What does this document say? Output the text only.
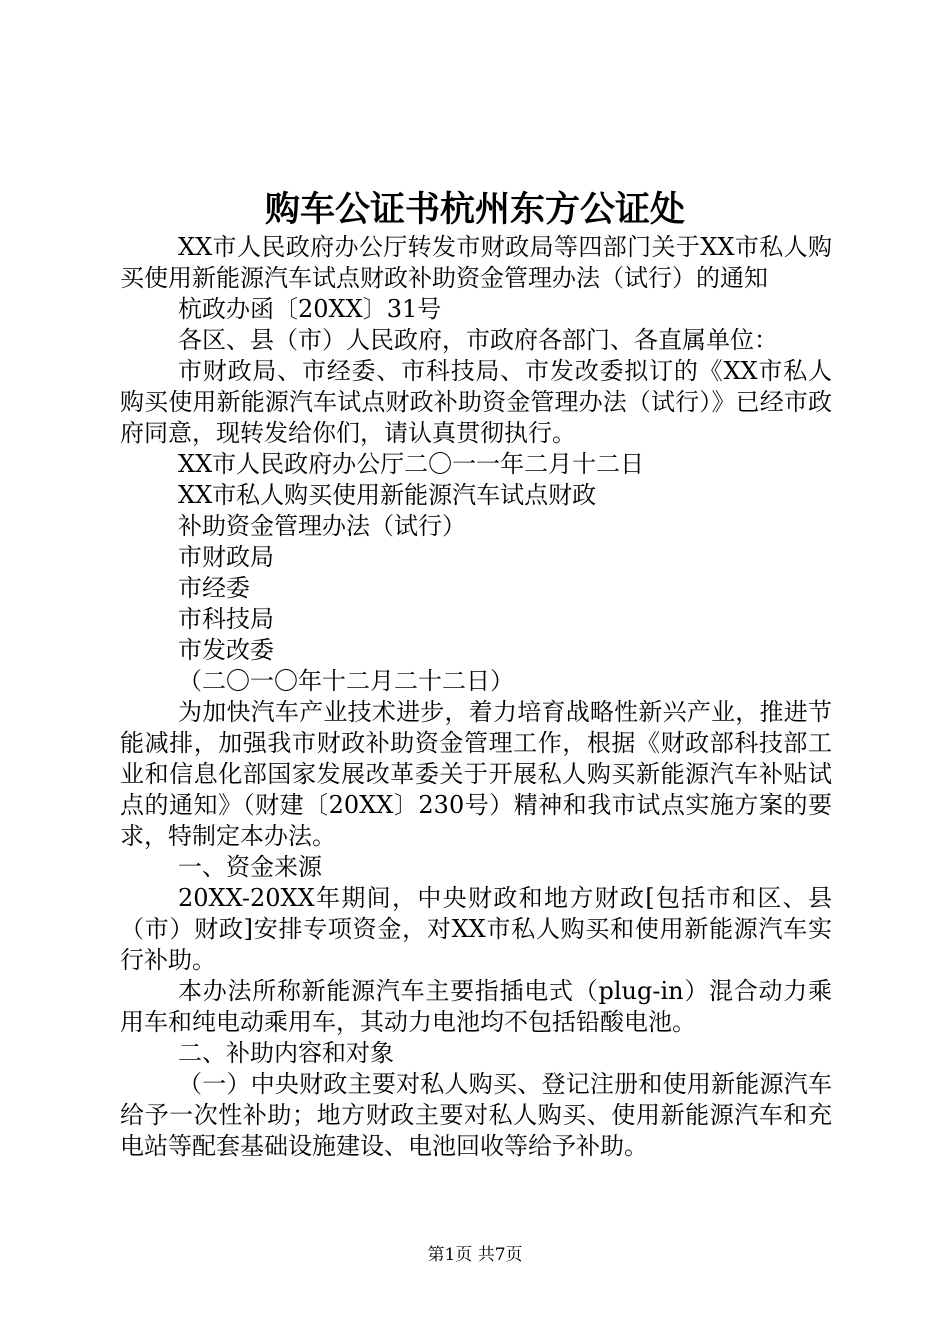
购车公证书杭州东方公证处

XX市人民政府办公厅转发市财政局等四部门关于XX市私人购买使用新能源汽车试点财政补助资金管理办法（试行）的通知

杭政办函〔20XX〕31号

各区、县（市）人民政府，市政府各部门、各直属单位：

市财政局、市经委、市科技局、市发改委拟订的《XX市私人购买使用新能源汽车试点财政补助资金管理办法（试行）》已经市政府同意，现转发给你们，请认真贯彻执行。

XX市人民政府办公厅二〇一一年二月十二日

XX市私人购买使用新能源汽车试点财政

补助资金管理办法（试行）

市财政局

市经委

市科技局

市发改委

（二〇一〇年十二月二十二日）

为加快汽车产业技术进步，着力培育战略性新兴产业，推进节能减排，加强我市财政补助资金管理工作，根据《财政部科技部工业和信息化部国家发展改革委关于开展私人购买新能源汽车补贴试点的通知》（财建〔20XX〕230号）精神和我市试点实施方案的要求，特制定本办法。

一、资金来源

20XX-20XX年期间，中央财政和地方财政[包括市和区、县（市）财政]安排专项资金，对XX市私人购买和使用新能源汽车实行补助。

本办法所称新能源汽车主要指插电式（plug-in）混合动力乘用车和纯电动乘用车，其动力电池均不包括铅酸电池。

二、补助内容和对象

（一）中央财政主要对私人购买、登记注册和使用新能源汽车给予一次性补助；地方财政主要对私人购买、使用新能源汽车和充电站等配套基础设施建设、电池回收等给予补助。

第1页 共7页
